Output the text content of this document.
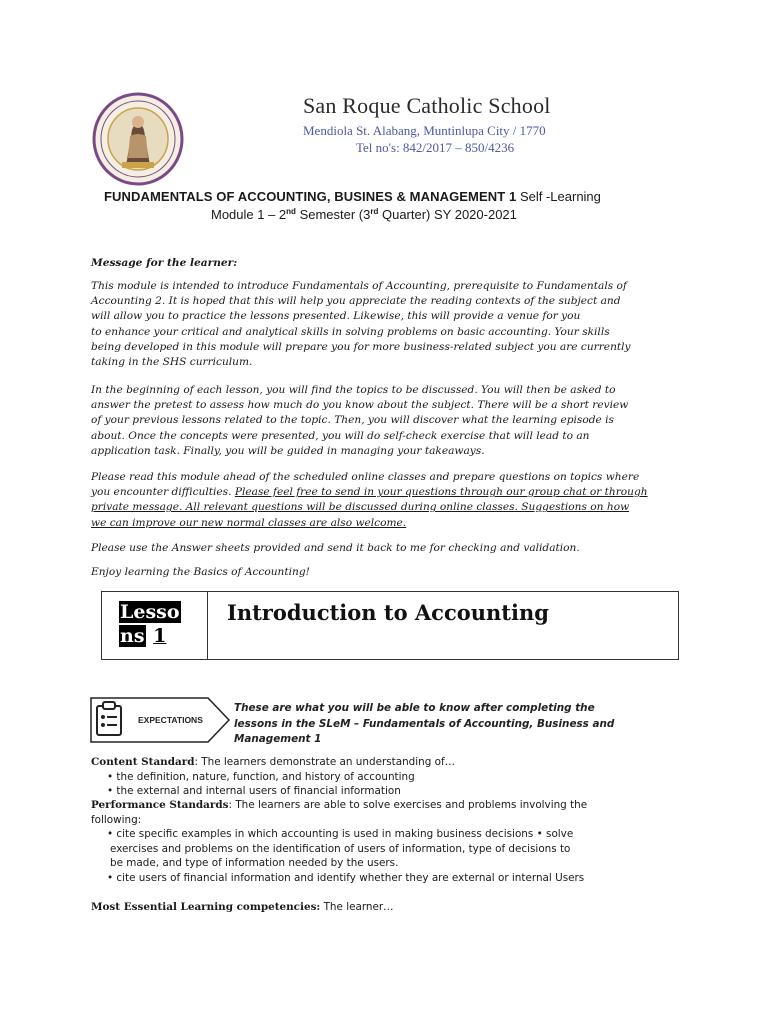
San Roque Catholic School
Mendiola St. Alabang, Muntinlupa City / 1770
Tel no's: 842/2017 – 850/4236
FUNDAMENTALS OF ACCOUNTING, BUSINES & MANAGEMENT 1 Self -Learning
Module 1 – 2nd Semester (3rd Quarter) SY 2020-2021
Message for the learner:
This module is intended to introduce Fundamentals of Accounting, prerequisite to Fundamentals of
Accounting 2. It is hoped that this will help you appreciate the reading contexts of the subject and
will allow you to practice the lessons presented. Likewise, this will provide a venue for you
to enhance your critical and analytical skills in solving problems on basic accounting. Your skills
being developed in this module will prepare you for more business-related subject you are currently
taking in the SHS curriculum.
In the beginning of each lesson, you will find the topics to be discussed. You will then be asked to
answer the pretest to assess how much do you know about the subject. There will be a short review
of your previous lessons related to the topic. Then, you will discover what the learning episode is
about. Once the concepts were presented, you will do self-check exercise that will lead to an
application task. Finally, you will be guided in managing your takeaways.
Please read this module ahead of the scheduled online classes and prepare questions on topics where
you encounter difficulties. Please feel free to send in your questions through our group chat or through
private message. All relevant questions will be discussed during online classes. Suggestions on how
we can improve our new normal classes are also welcome.
Please use the Answer sheets provided and send it back to me for checking and validation.
Enjoy learning the Basics of Accounting!
Lesso
ns 1
Introduction to Accounting
EXPECTATIONS
These are what you will be able to know after completing the
lessons in the SLeM – Fundamentals of Accounting, Business and
Management 1
Content Standard: The learners demonstrate an understanding of…
• the definition, nature, function, and history of accounting
• the external and internal users of financial information
Performance Standards: The learners are able to solve exercises and problems involving the
following:
• cite specific examples in which accounting is used in making business decisions • solve
exercises and problems on the identification of users of information, type of decisions to
be made, and type of information needed by the users.
• cite users of financial information and identify whether they are external or internal Users
Most Essential Learning competencies: The learner…
